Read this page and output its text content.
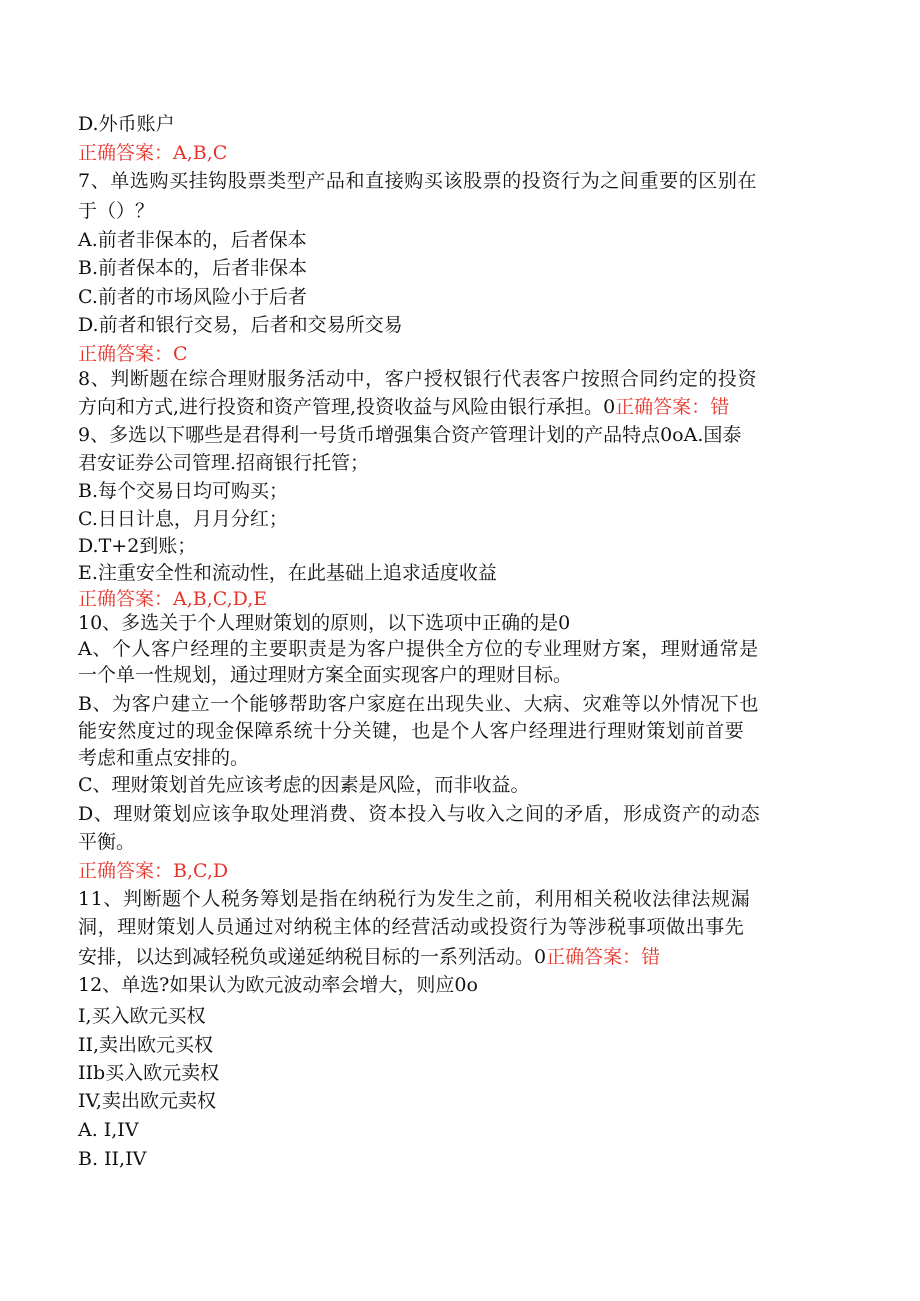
D.外币账户
正确答案：A,B,C
7、单选购买挂钩股票类型产品和直接购买该股票的投资行为之间重要的区别在
于（）？
A.前者非保本的，后者保本
B.前者保本的，后者非保本
C.前者的市场风险小于后者
D.前者和银行交易，后者和交易所交易
正确答案：C
8、判断题在综合理财服务活动中，客户授权银行代表客户按照合同约定的投资
方向和方式,进行投资和资产管理,投资收益与风险由银行承担。0正确答案：错
9、多选以下哪些是君得利一号货币增强集合资产管理计划的产品特点0oA.国泰
君安证券公司管理.招商银行托管；
B.每个交易日均可购买；
C.日日计息，月月分红；
D.T+2到账；
E.注重安全性和流动性，在此基础上追求适度收益
正确答案：A,B,C,D,E
10、多选关于个人理财策划的原则，以下选项中正确的是0
A、个人客户经理的主要职责是为客户提供全方位的专业理财方案，理财通常是
一个单一性规划，通过理财方案全面实现客户的理财目标。
B、为客户建立一个能够帮助客户家庭在出现失业、大病、灾难等以外情况下也
能安然度过的现金保障系统十分关键，也是个人客户经理进行理财策划前首要
考虑和重点安排的。
C、理财策划首先应该考虑的因素是风险，而非收益。
D、理财策划应该争取处理消费、资本投入与收入之间的矛盾，形成资产的动态
平衡。
正确答案：B,C,D
11、判断题个人税务筹划是指在纳税行为发生之前，利用相关税收法律法规漏
洞，理财策划人员通过对纳税主体的经营活动或投资行为等涉税事项做出事先
安排，以达到减轻税负或递延纳税目标的一系列活动。0正确答案：错
12、单选?如果认为欧元波动率会增大，则应0o
I,买入欧元买权
II,卖出欧元买权
IIb买入欧元卖权
IV,卖出欧元卖权
A. I,IV
B. II,IV
